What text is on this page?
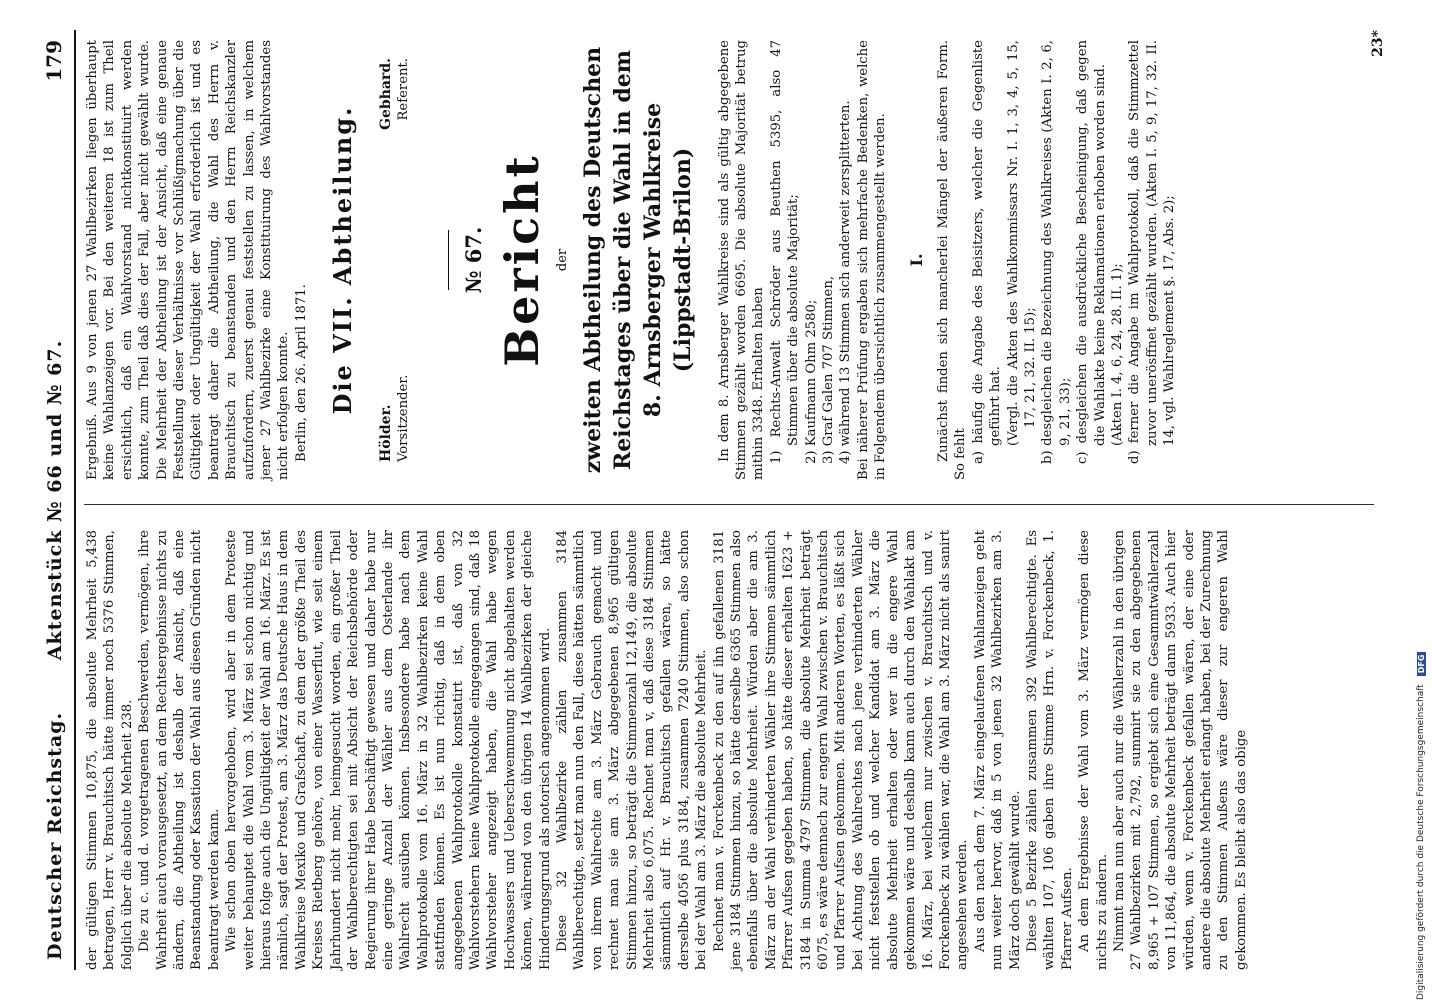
Deutscher Reichstag.
Aktenstück № 66 und № 67.
179

der gültigen Stimmen 10,875, die absolute Mehrheit 5,438 betragen, Herr v. Brauchitsch hätte immer noch 5376 Stimmen, folglich über die absolute Mehrheit 238. Die zu c. und d. vorgetragenen Beschwerden, vermögen, ihre Wahrheit auch vorausgesetzt, an dem Rechtsergebnisse nichts zu ändern, die Abtheilung ist deshalb der Ansicht, daß eine Beanstandung oder Kassation der Wahl aus diesen Gründen nicht beantragt werden kann. Wie schon oben hervorgehoben, wird aber in dem Proteste weiter behauptet die Wahl vom 3. März sei schon nichtig und hieraus folge auch die Ungültigkeit der Wahl am 16. März. Es ist nämlich, sagt der Protest, am 3. März das Deutsche Haus in dem Wahlkreise Mexiko und Grafschaft, zu dem der größte Theil des Kreises Rietberg gehöre, von einer Wasserflut, wie seit einem Jahrhundert nicht mehr, heimgesucht worden, ein großer Theil der Wahlberechtigten sei mit Absicht der Reichsbehörde oder Regierung ihrer Habe beschäftigt gewesen und daher habe nur eine geringe Anzahl der Wähler aus dem Osterlande ihr Wahlrecht ausüben können. Insbesondere habe nach dem Wahlprotokolle vom 16. März in 32 Wahlbezirken keine Wahl stattfinden können. Es ist nun richtig, daß in dem oben angegebenen Wahlprotokolle konstatirt ist, daß von 32 Wahlvorstehern keine Wahlprotokolle eingegangen sind, daß 18 Wahlvorsteher angezeigt haben, die Wahl habe wegen Hochwassers und Ueberschwemmung nicht abgehalten werden können, während von den übrigen 14 Wahlbezirken der gleiche Hinderungsgrund als notorisch angenommen wird. Diese 32 Wahlbezirke zählen zusammen 3184 Wahlberechtigte, setzt man nun den Fall, diese hätten sämmtlich von ihrem Wahlrechte am 3. März Gebrauch gemacht und rechnet man sie am 3. März abgegebenen 8,965 gültigen Stimmen hinzu, so beträgt die Stimmenzahl 12,149, die absolute Mehrheit also 6,075. Rechnet man v, daß diese 3184 Stimmen sämmtlich auf Hr. v. Brauchitsch gefallen wären, so hätte derselbe 4056 plus 3184, zusammen 7240 Stimmen, also schon bei der Wahl am 3. März die absolute Mehrheit. Rechnet man v. Forckenbeck zu den auf ihn gefallenen 3181 jene 3184 Stimmen hinzu, so hätte derselbe 6365 Stimmen also ebenfalls über die absolute Mehrheit. Würden aber die am 3. März an der Wahl verhinderten Wähler ihre Stimmen sämmtlich Pfarrer Aufsen gegeben haben, so hätte dieser erhalten 1623 + 3184 in Summa 4797 Stimmen, die absolute Mehrheit beträgt 6075, es wäre demnach zur engern Wahl zwischen v. Brauchitsch und Pfarrer Aufsen gekommen. Mit anderen Worten, es läßt sich bei Achtung des Wahlrechtes nach jene verhinderten Wähler nicht feststellen ob und welcher Kandidat am 3. März die absolute Mehrheit erhalten oder wer in die engere Wahl gekommen wäre und deshalb kann auch durch den Wahlakt am 16. März, bei welchem nur zwischen v. Brauchitsch und v. Forckenbeck zu wählen war, die Wahl am 3. März nicht als sanirt angesehen werden. Aus den nach dem 7. März eingelaufenen Wahlanzeigen geht nun weiter hervor, daß in 5 von jenen 32 Wahlbezirken am 3. März doch gewählt wurde. Diese 5 Bezirke zählen zusammen 392 Wahlberechtigte. Es wählten 107, 106 gaben ihre Stimme Hrn. v. Forckenbeck, 1. Pfarrer Aufsen. An dem Ergebnisse der Wahl vom 3. März vermögen diese nichts zu ändern. Nimmt man nun aber auch nur die Wählerzahl in den übrigen 27 Wahlbezirken mit 2,792, summirt sie zu den abgegebenen 8,965 + 107 Stimmen, so ergiebt sich eine Gesammtwählerzahl von 11,864, die absolute Mehrheit beträgt dann 5933. Auch hier würden, wenn v. Forckenbeck gefallen wären, der eine oder andere die absolute Mehrheit erlangt haben, bei der Zurechnung zu den Stimmen Außens wäre dieser zur engeren Wahl gekommen. Es bleibt also das obige

Ergebniß. Aus 9 von jenen 27 Wahlbezirken liegen überhaupt keine Wahlanzeigen vor. Bei den weiteren 18 ist zum Theil ersichtlich, daß ein Wahlvorstand nichtkonstituirt werden konnte, zum Theil daß dies der Fall, aber nicht gewählt wurde. Die Mehrheit der Abtheilung ist der Ansicht, daß eine genaue Feststellung dieser Verhältnisse vor Schlüßigmachung über die Gültigkeit oder Ungültigkeit der Wahl erforderlich ist und es beantragt daher die Abtheilung, die Wahl des Herrn v. Brauchitsch zu beanstanden und den Herrn Reichskanzler aufzufordern, zuerst genau feststellen zu lassen, in welchem jener 27 Wahlbezirke eine Konstituirung des Wahlvorstandes nicht erfolgen konnte. Berlin, den 26. April 1871. Die VII. Abtheilung.
Hölder. Vorsitzender.
Gebhard. Referent.
№ 67. Bericht der zweiten Abtheilung des Deutschen Reichstages über die Wahl in dem 8. Arnsberger Wahlkreise (Lippstadt-Brilon) In dem 8. Arnsberger Wahlkreise sind als gültig abgegebene Stimmen gezählt worden 6695. Die absolute Majorität betrug mithin 3348. Erhalten haben 1) Rechts-Anwalt Schröder aus Beuthen 5395, also 47 Stimmen über die absolute Majorität; 2) Kaufmann Ohm 2580; 3) Graf Galen 707 Stimmen, 4) während 13 Stimmen sich anderweit zersplitterten. Bei näherer Prüfung ergaben sich mehrfache Bedenken, welche in Folgendem übersichtlich zusammengestellt werden. I. Zunächst finden sich mancherlei Mängel der äußeren Form. So fehlt a) häufig die Angabe des Beisitzers, welcher die Gegenliste geführt hat. (Vergl. die Akten des Wahlkommissars Nr. I. 1, 3, 4, 5, 15, 17, 21, 32. II. 15); b) desgleichen die Bezeichnung des Wahlkreises (Akten I. 2, 6, 9, 21, 33); c) desgleichen die ausdrückliche Bescheinigung, daß gegen die Wahlakte keine Reklamationen erhoben worden sind. (Akten I. 4, 6, 24, 28. II. 1); d) ferner die Angabe im Wahlprotokoll, daß die Stimmzettel zuvor unerösffnet gezählt wurden. (Akten I. 5, 9, 17, 32. II. 14, vgl. Wahlreglement §. 17, Abs. 2);

23*
Digitalisierung gefördert durch die Deutsche Forschungsgemeinschaft
DFG
